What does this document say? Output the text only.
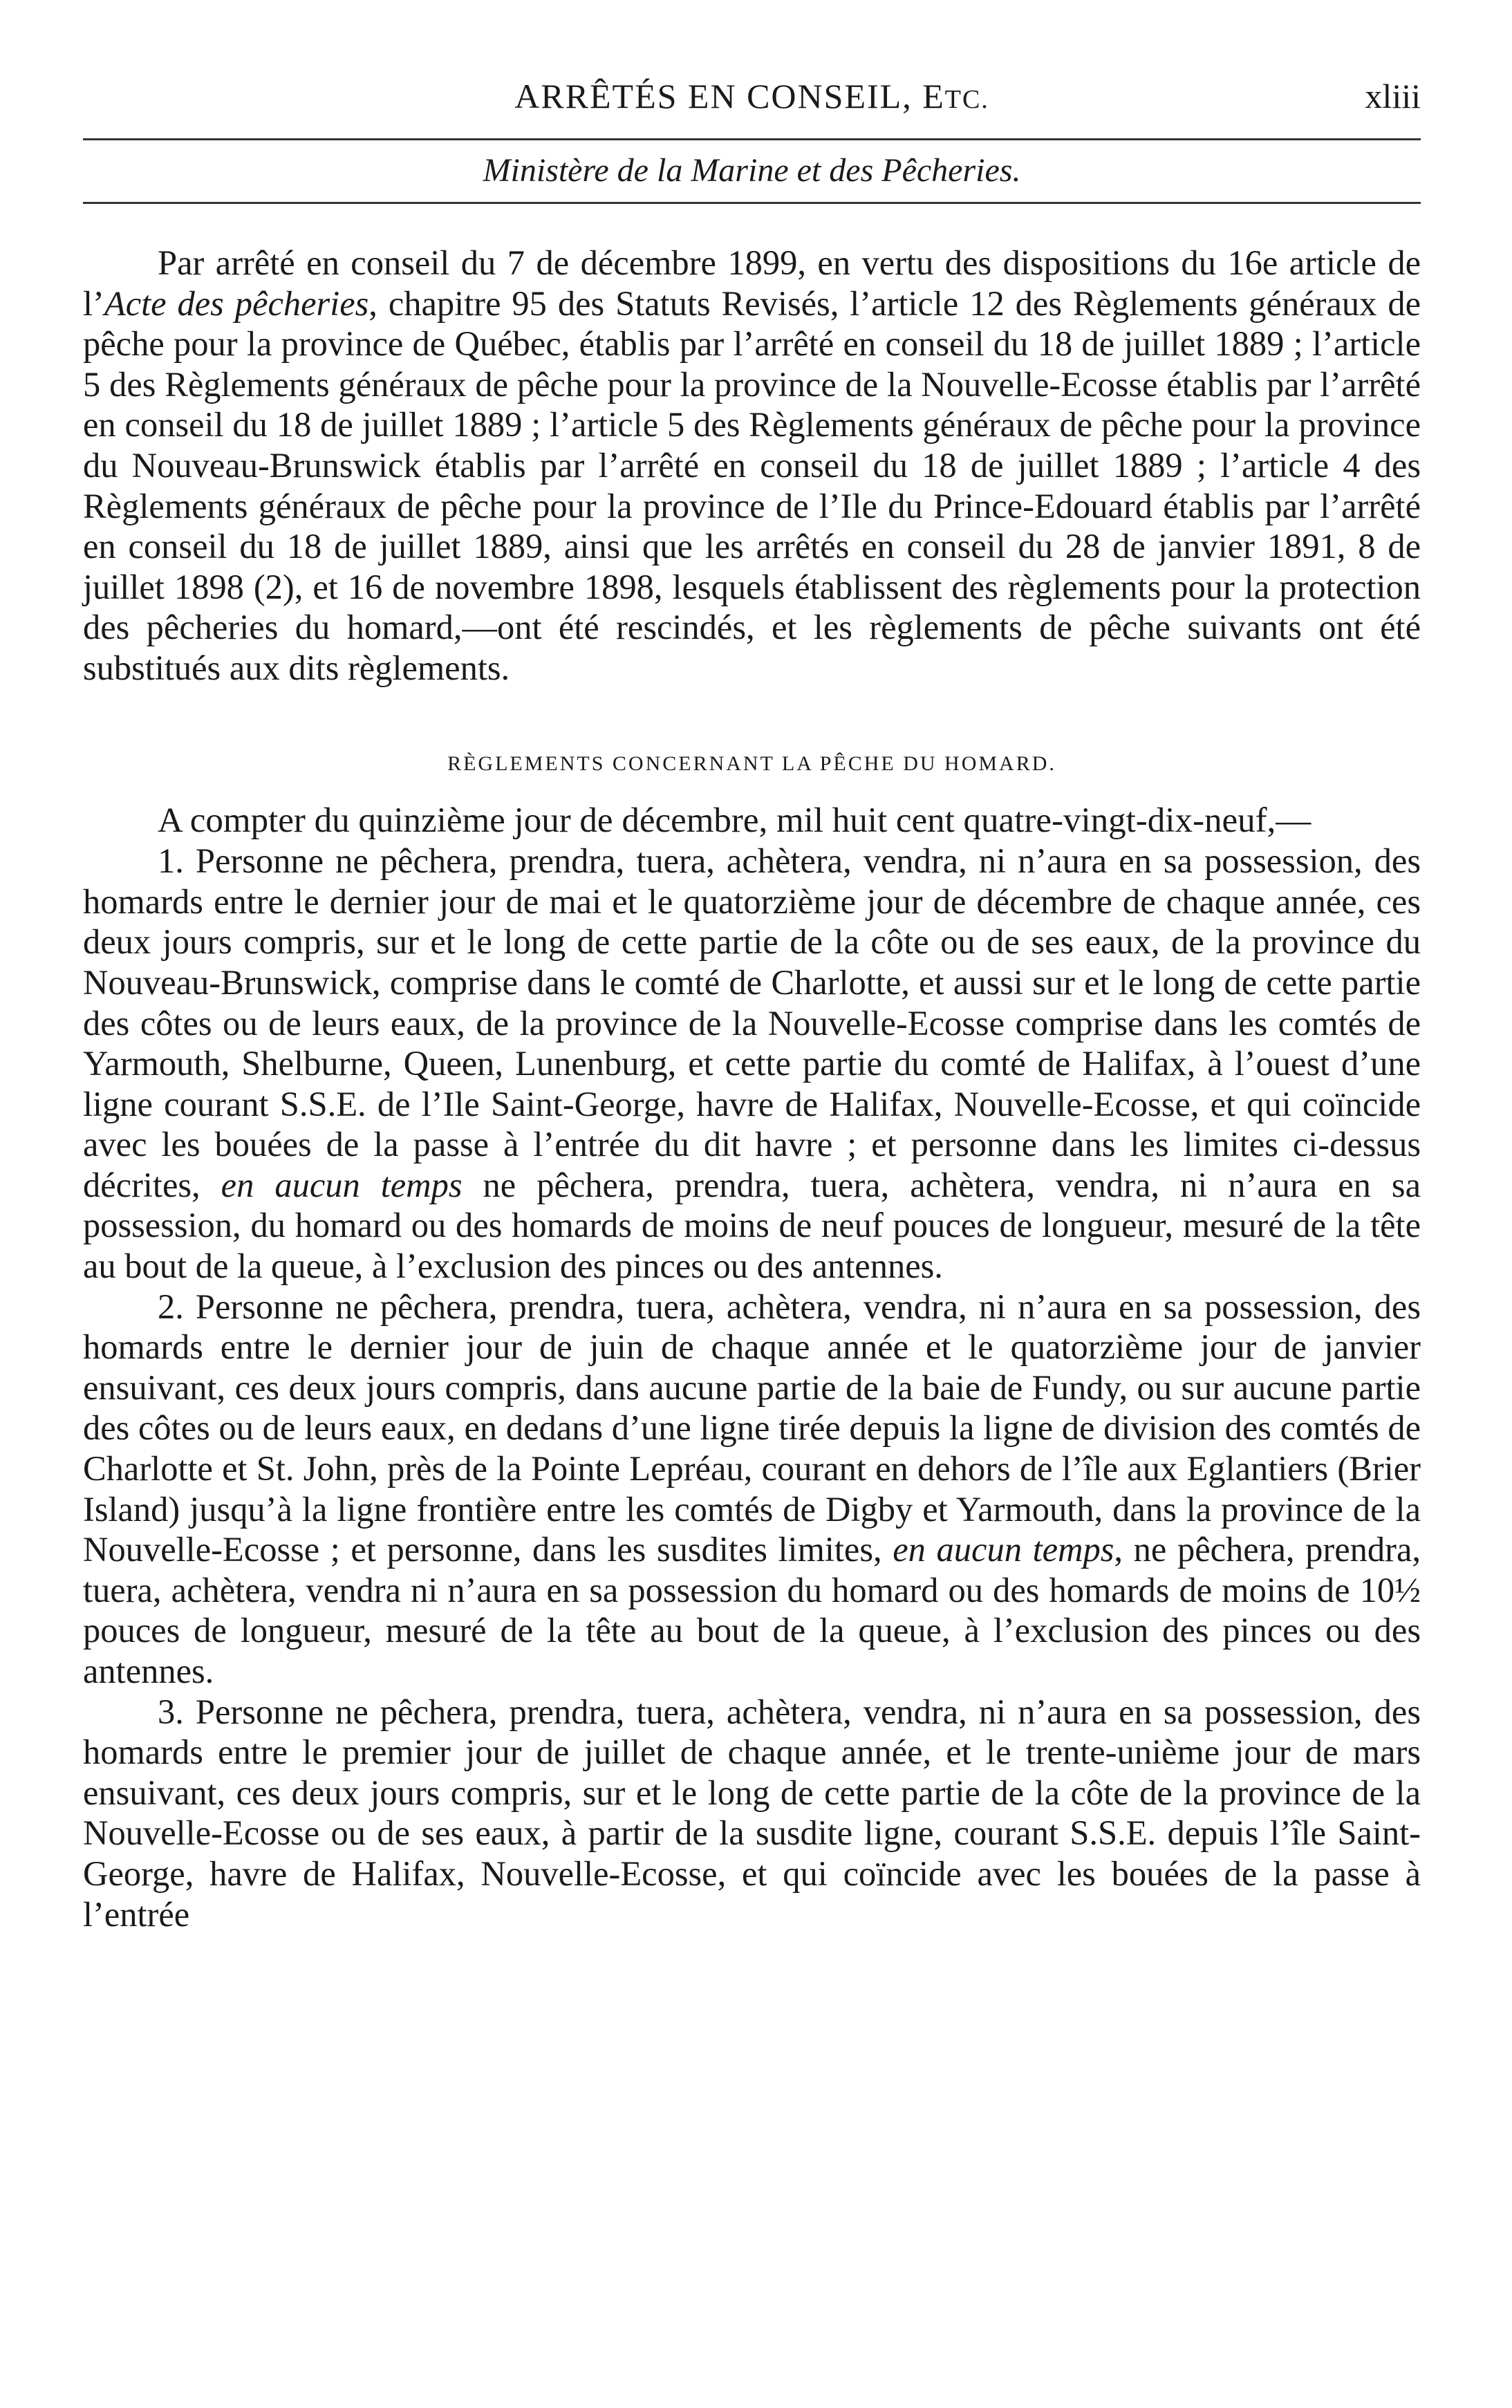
ARRÊTÉS EN CONSEIL, ETC.	xliii
Ministère de la Marine et des Pêcheries.

Par arrêté en conseil du 7 de décembre 1899, en vertu des dispositions du 16e article de l’Acte des pêcheries, chapitre 95 des Statuts Revisés, l’article 12 des Règlements généraux de pêche pour la province de Québec, établis par l’arrêté en conseil du 18 de juillet 1889 ; l’article 5 des Règlements généraux de pêche pour la province de la Nouvelle-Ecosse établis par l’arrêté en conseil du 18 de juillet 1889 ; l’article 5 des Règlements généraux de pêche pour la province du Nouveau-Brunswick établis par l’arrêté en conseil du 18 de juillet 1889 ; l’article 4 des Règlements généraux de pêche pour la province de l’Ile du Prince-Edouard établis par l’arrêté en conseil du 18 de juillet 1889, ainsi que les arrêtés en conseil du 28 de janvier 1891, 8 de juillet 1898 (2), et 16 de novembre 1898, lesquels établissent des règlements pour la protection des pêcheries du homard,—ont été rescindés, et les règlements de pêche suivants ont été substitués aux dits règlements.

RÈGLEMENTS CONCERNANT LA PÊCHE DU HOMARD.

A compter du quinzième jour de décembre, mil huit cent quatre-vingt-dix-neuf,—

1. Personne ne pêchera, prendra, tuera, achètera, vendra, ni n’aura en sa possession, des homards entre le dernier jour de mai et le quatorzième jour de décembre de chaque année, ces deux jours compris, sur et le long de cette partie de la côte ou de ses eaux, de la province du Nouveau-Brunswick, comprise dans le comté de Charlotte, et aussi sur et le long de cette partie des côtes ou de leurs eaux, de la province de la Nouvelle-Ecosse comprise dans les comtés de Yarmouth, Shelburne, Queen, Lunenburg, et cette partie du comté de Halifax, à l’ouest d’une ligne courant S.S.E. de l’Ile Saint-George, havre de Halifax, Nouvelle-Ecosse, et qui coïncide avec les bouées de la passe à l’entrée du dit havre ; et personne dans les limites ci-dessus décrites, en aucun temps ne pêchera, prendra, tuera, achètera, vendra, ni n’aura en sa possession, du homard ou des homards de moins de neuf pouces de longueur, mesuré de la tête au bout de la queue, à l’exclusion des pinces ou des antennes.

2. Personne ne pêchera, prendra, tuera, achètera, vendra, ni n’aura en sa possession, des homards entre le dernier jour de juin de chaque année et le quatorzième jour de janvier ensuivant, ces deux jours compris, dans aucune partie de la baie de Fundy, ou sur aucune partie des côtes ou de leurs eaux, en dedans d’une ligne tirée depuis la ligne de division des comtés de Charlotte et St. John, près de la Pointe Lepréau, courant en dehors de l’île aux Eglantiers (Brier Island) jusqu’à la ligne frontière entre les comtés de Digby et Yarmouth, dans la province de la Nouvelle-Ecosse ; et personne, dans les susdites limites, en aucun temps, ne pêchera, prendra, tuera, achètera, vendra ni n’aura en sa possession du homard ou des homards de moins de 10½ pouces de longueur, mesuré de la tête au bout de la queue, à l’exclusion des pinces ou des antennes.

3. Personne ne pêchera, prendra, tuera, achètera, vendra, ni n’aura en sa possession, des homards entre le premier jour de juillet de chaque année, et le trente-unième jour de mars ensuivant, ces deux jours compris, sur et le long de cette partie de la côte de la province de la Nouvelle-Ecosse ou de ses eaux, à partir de la susdite ligne, courant S.S.E. depuis l’île Saint-George, havre de Halifax, Nouvelle-Ecosse, et qui coïncide avec les bouées de la passe à l’entrée
